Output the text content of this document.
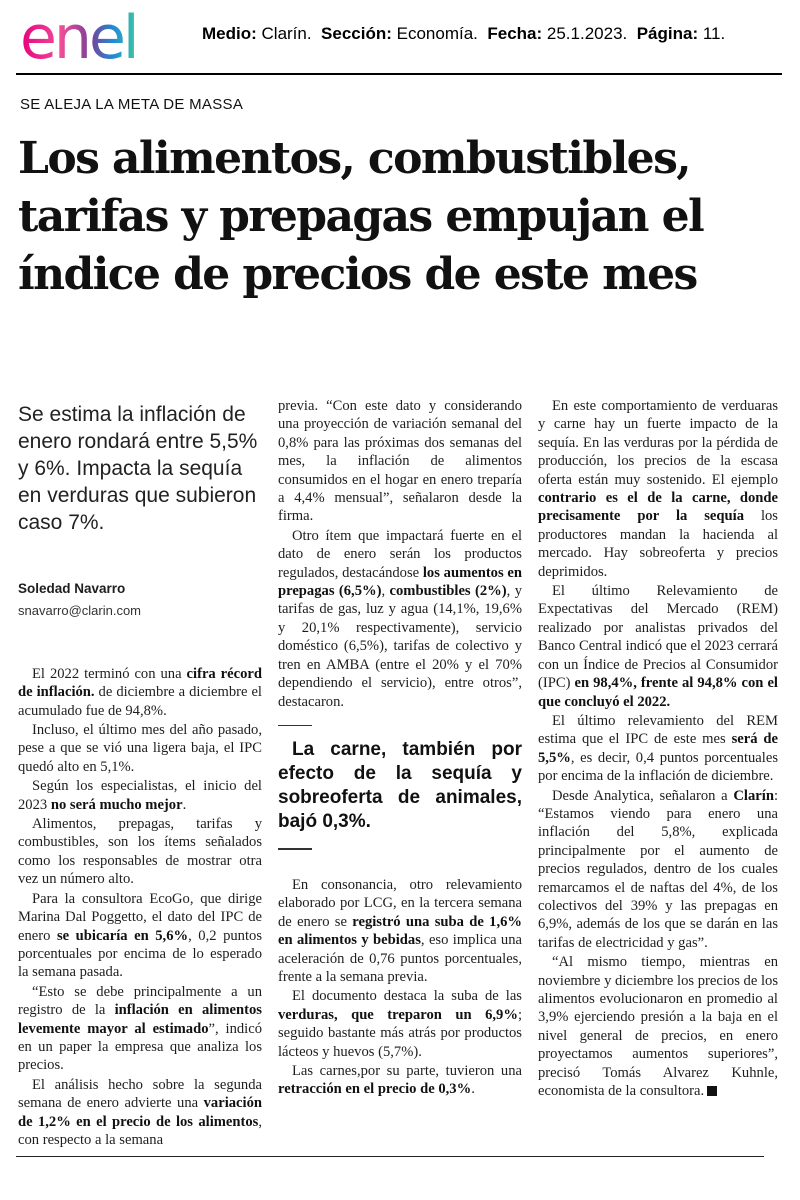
enel	Medio: Clarín. Sección: Economía. Fecha: 25.1.2023. Página: 11.
SE ALEJA LA META DE MASSA
Los alimentos, combustibles, tarifas y prepagas empujan el índice de precios de este mes
Se estima la inflación de enero rondará entre 5,5% y 6%. Impacta la sequía en verduras que subieron caso 7%.
Soledad Navarro
snavarro@clarin.com

El 2022 terminó con una cifra récord de inflación. de diciembre a diciembre el acumulado fue de 94,8%.

Incluso, el último mes del año pasado, pese a que se vió una ligera baja, el IPC quedó alto en 5,1%.

Según los especialistas, el inicio del 2023 no será mucho mejor.

Alimentos, prepagas, tarifas y combustibles, son los ítems señalados como los responsables de mostrar otra vez un número alto.

Para la consultora EcoGo, que dirige Marina Dal Poggetto, el dato del IPC de enero se ubicaría en 5,6%, 0,2 puntos porcentuales por encima de lo esperado la semana pasada.

“Esto se debe principalmente a un registro de la inflación en alimentos levemente mayor al estimado”, indicó en un paper la empresa que analiza los precios.

El análisis hecho sobre la segunda semana de enero advierte una variación de 1,2% en el precio de los alimentos, con respecto a la semana

previa. “Con este dato y considerando una proyección de variación semanal del 0,8% para las próximas dos semanas del mes, la inflación de alimentos consumidos en el hogar en enero treparía a 4,4% mensual”, señalaron desde la firma.

Otro ítem que impactará fuerte en el dato de enero serán los productos regulados, destacándose los aumentos en prepagas (6,5%), combustibles (2%), y tarifas de gas, luz y agua (14,1%, 19,6% y 20,1% respectivamente), servicio doméstico (6,5%), tarifas de colectivo y tren en AMBA (entre el 20% y el 70% dependiendo el servicio), entre otros”, destacaron.

La carne, también por efecto de la sequía y sobreoferta de animales, bajó 0,3%.

En consonancia, otro relevamiento elaborado por LCG, en la tercera semana de enero se registró una suba de 1,6% en alimentos y bebidas, eso implica una aceleración de 0,76 puntos porcentuales, frente a la semana previa.

El documento destaca la suba de las verduras, que treparon un 6,9%; seguido bastante más atrás por productos lácteos y huevos (5,7%).

Las carnes,por su parte, tuvieron una retracción en el precio de 0,3%.

En este comportamiento de verduaras y carne hay un fuerte impacto de la sequía. En las verduras por la pérdida de producción, los precios de la escasa oferta están muy sostenido. El ejemplo contrario es el de la carne, donde precisamente por la sequía los productores mandan la hacienda al mercado. Hay sobreoferta y precios deprimidos.

El último Relevamiento de Expectativas del Mercado (REM) realizado por analistas privados del Banco Central indicó que el 2023 cerrará con un Índice de Precios al Consumidor (IPC) en 98,4%, frente al 94,8% con el que concluyó el 2022.

El último relevamiento del REM estima que el IPC de este mes será de 5,5%, es decir, 0,4 puntos porcentuales por encima de la inflación de diciembre.

Desde Analytica, señalaron a Clarín: “Estamos viendo para enero una inflación del 5,8%, explicada principalmente por el aumento de precios regulados, dentro de los cuales remarcamos el de naftas del 4%, de los colectivos del 39% y las prepagas en 6,9%, además de los que se darán en las tarifas de electricidad y gas”.

“Al mismo tiempo, mientras en noviembre y diciembre los precios de los alimentos evolucionaron en promedio al 3,9% ejerciendo presión a la baja en el nivel general de precios, en enero proyectamos aumentos superiores”, precisó Tomás Alvarez Kuhnle, economista de la consultora.
